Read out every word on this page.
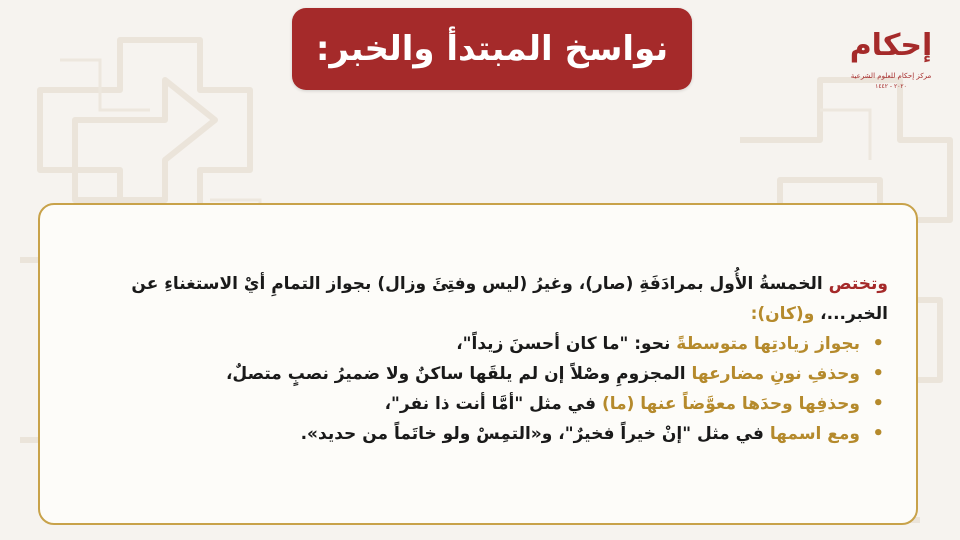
إحكام
مركز إحكام للعلوم الشرعية
٢٠٢٠ - ١٤٤٢
نواسخ المبتدأ والخبر:

وتختص الخمسةُ الأُول بمرادَفَةِ (صار)، وغيرُ (ليس وفتِئَ وزال) بجواز التمامِ أيْ الاستغناءِ عن الخبر...، و(كان):

•
بجواز زيادتِها متوسطةً نحو: "ما كان أحسنَ زيداً"،
•
وحذفِ نونِ مضارعها المجزومِ وصْلاً إن لم يلقَها ساكنٌ ولا ضميرُ نصبٍ متصلٌ،
•
وحذفِها وحدَها معوَّضاً عنها (ما) في مثل "أمَّا أنت ذا نفر"،
•
ومع اسمها في مثل "إنْ خيراً فخيرٌ"، و«التمِسْ ولو خاتَماً من حديد».
